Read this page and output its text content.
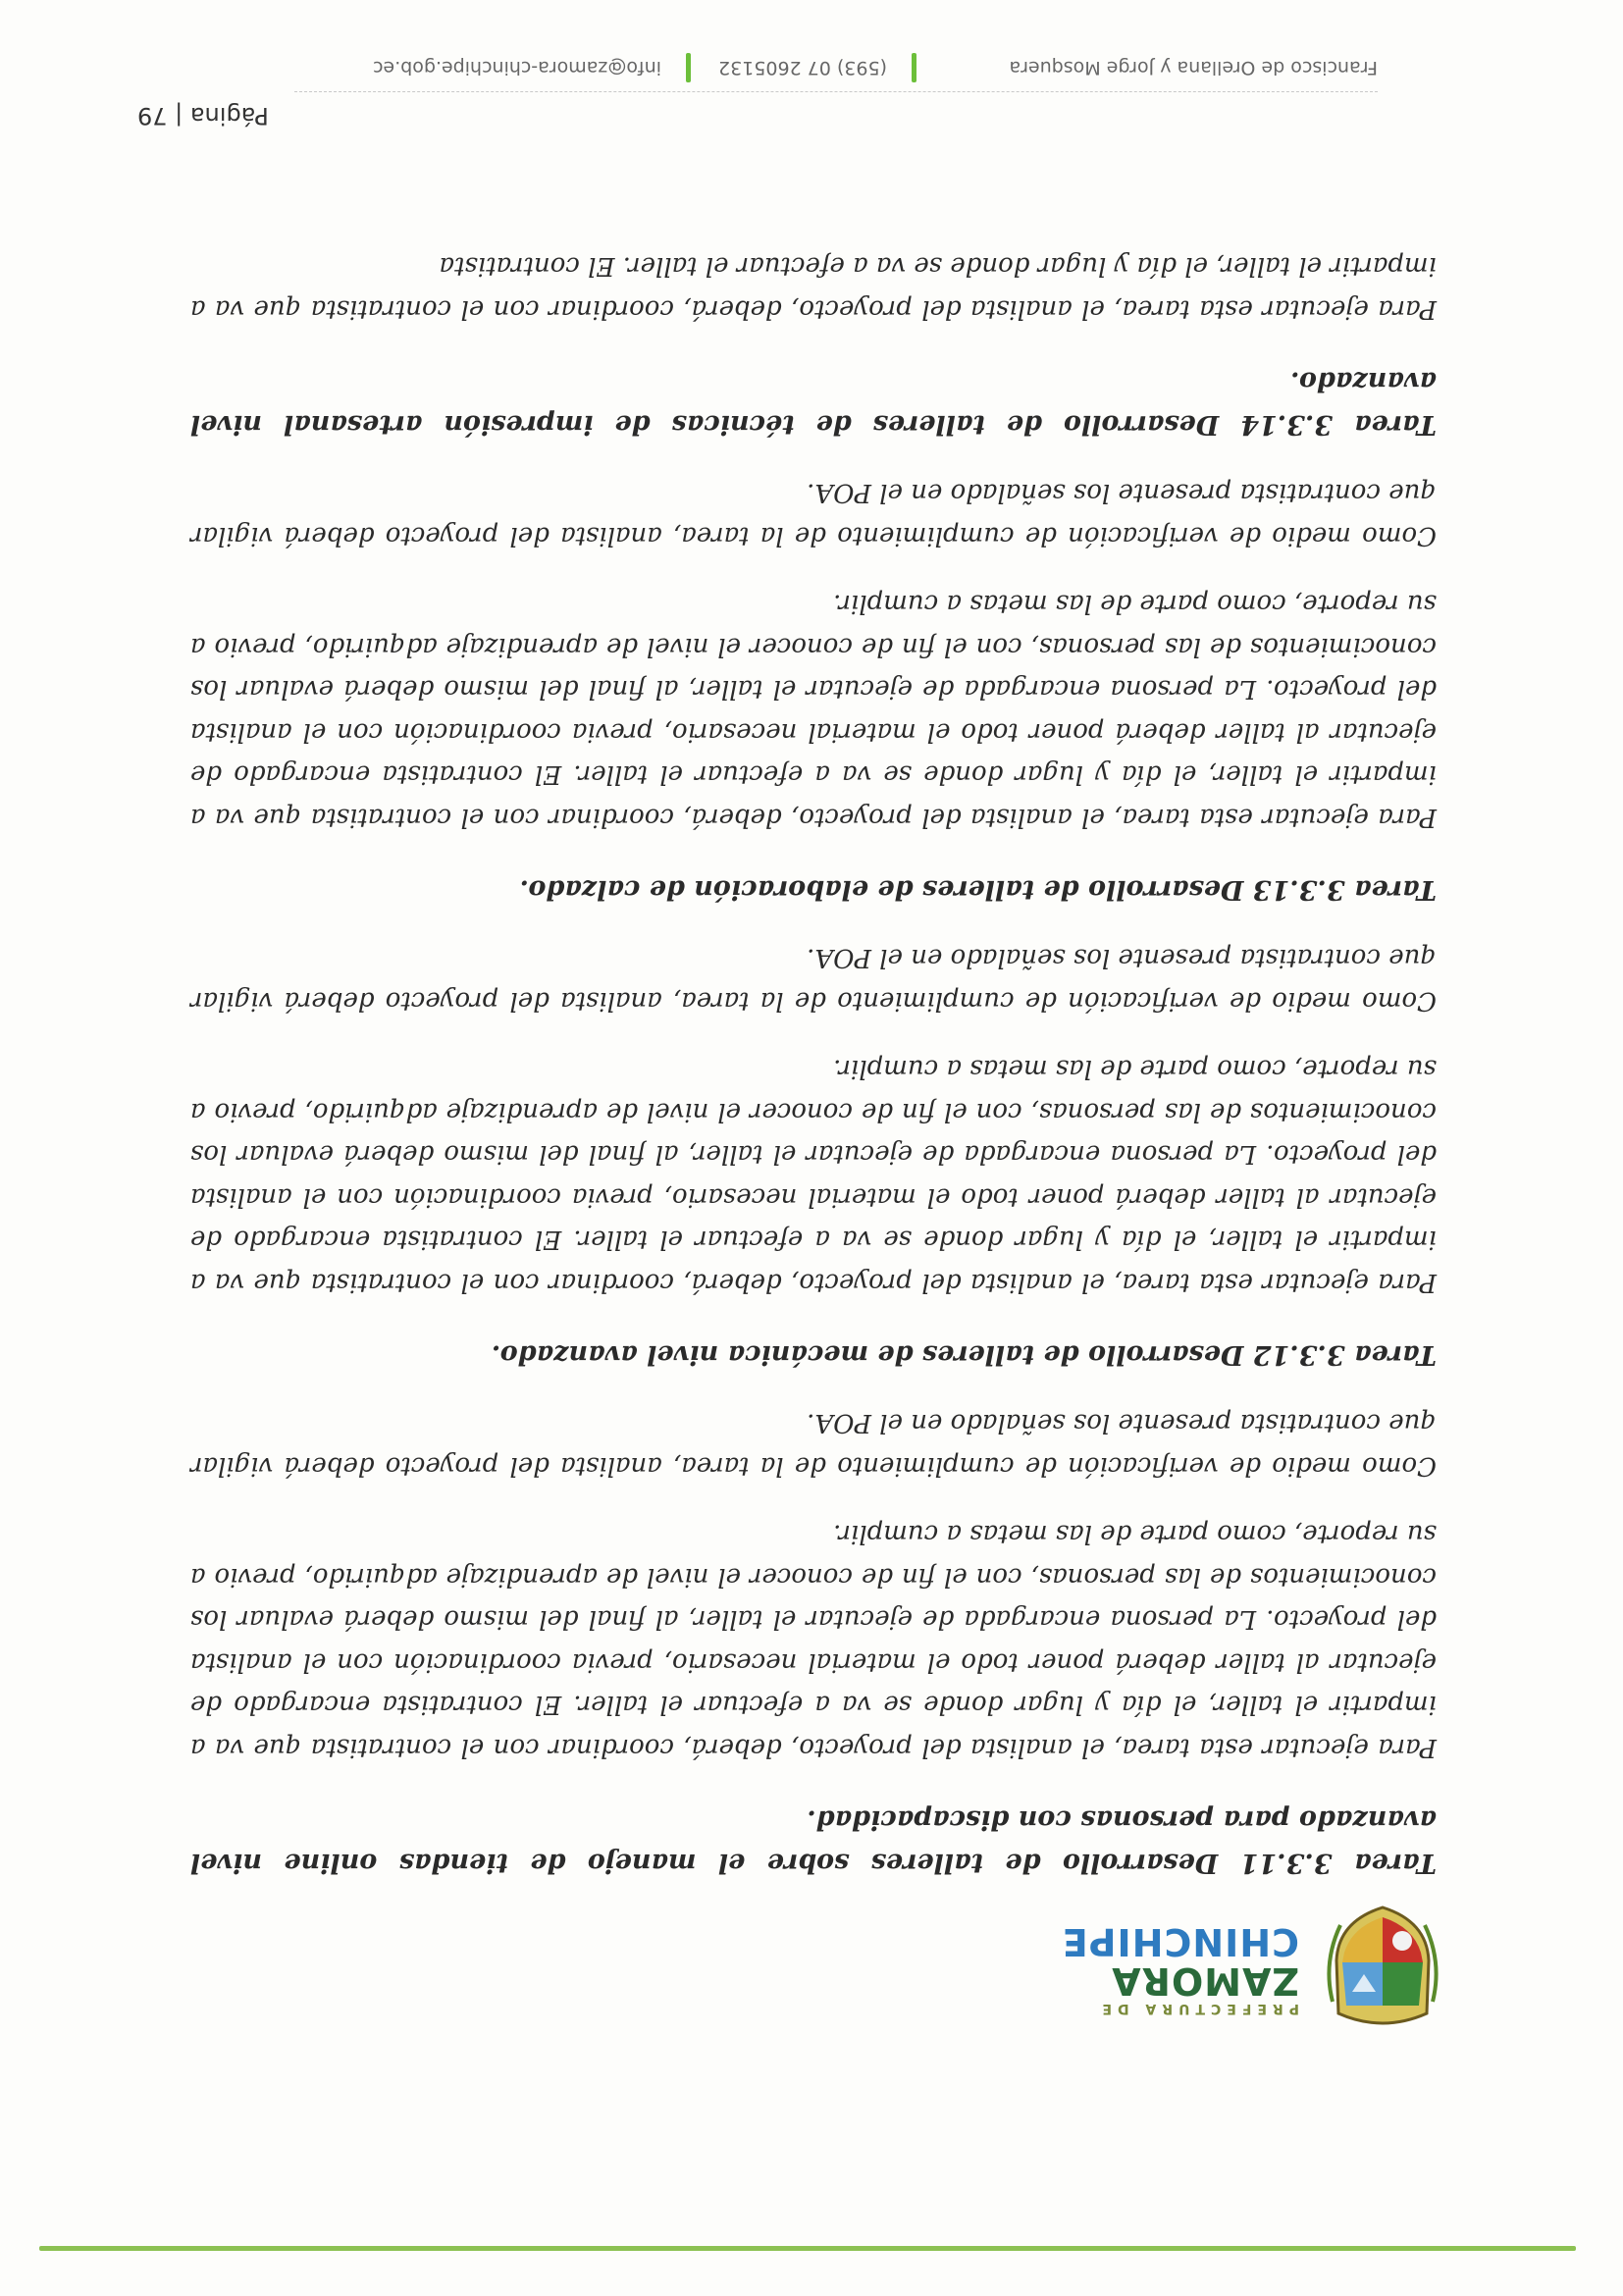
PREFECTURA DE
ZAMORA
CHINCHIPE
Tarea 3.3.11 Desarrollo de talleres sobre el manejo de tiendas online nivel avanzado para personas con discapacidad.
Para ejecutar esta tarea, el analista del proyecto, deberá, coordinar con el contratista que va a impartir el taller, el día y lugar donde se va a efectuar el taller. El contratista encargado de ejecutar al taller deberá poner todo el material necesario, previa coordinación con el analista del proyecto. La persona encargada de ejecutar el taller, al final del mismo deberá evaluar los conocimientos de las personas, con el fin de conocer el nivel de aprendizaje adquirido, previo a su reporte, como parte de las metas a cumplir.
Como medio de verificación de cumplimiento de la tarea, analista del proyecto deberá vigilar que contratista presente los señalado en el POA.
Tarea 3.3.12 Desarrollo de talleres de mecánica nivel avanzado.
Para ejecutar esta tarea, el analista del proyecto, deberá, coordinar con el contratista que va a impartir el taller, el día y lugar donde se va a efectuar el taller. El contratista encargado de ejecutar al taller deberá poner todo el material necesario, previa coordinación con el analista del proyecto. La persona encargada de ejecutar el taller, al final del mismo deberá evaluar los conocimientos de las personas, con el fin de conocer el nivel de aprendizaje adquirido, previo a su reporte, como parte de las metas a cumplir.
Como medio de verificación de cumplimiento de la tarea, analista del proyecto deberá vigilar que contratista presente los señalado en el POA.
Tarea 3.3.13 Desarrollo de talleres de elaboración de calzado.
Para ejecutar esta tarea, el analista del proyecto, deberá, coordinar con el contratista que va a impartir el taller, el día y lugar donde se va a efectuar el taller. El contratista encargado de ejecutar al taller deberá poner todo el material necesario, previa coordinación con el analista del proyecto. La persona encargada de ejecutar el taller, al final del mismo deberá evaluar los conocimientos de las personas, con el fin de conocer el nivel de aprendizaje adquirido, previo a su reporte, como parte de las metas a cumplir.
Como medio de verificación de cumplimiento de la tarea, analista del proyecto deberá vigilar que contratista presente los señalado en el POA.
Tarea 3.3.14 Desarrollo de talleres de técnicas de impresión artesanal nivel avanzado.
Para ejecutar esta tarea, el analista del proyecto, deberá, coordinar con el contratista que va a impartir el taller, el día y lugar donde se va a efectuar el taller. El contratista
Página | 79
Francisco de Orellana y Jorge Mosquera
(593) 07 2605132
info@zamora-chinchipe.gob.ec
